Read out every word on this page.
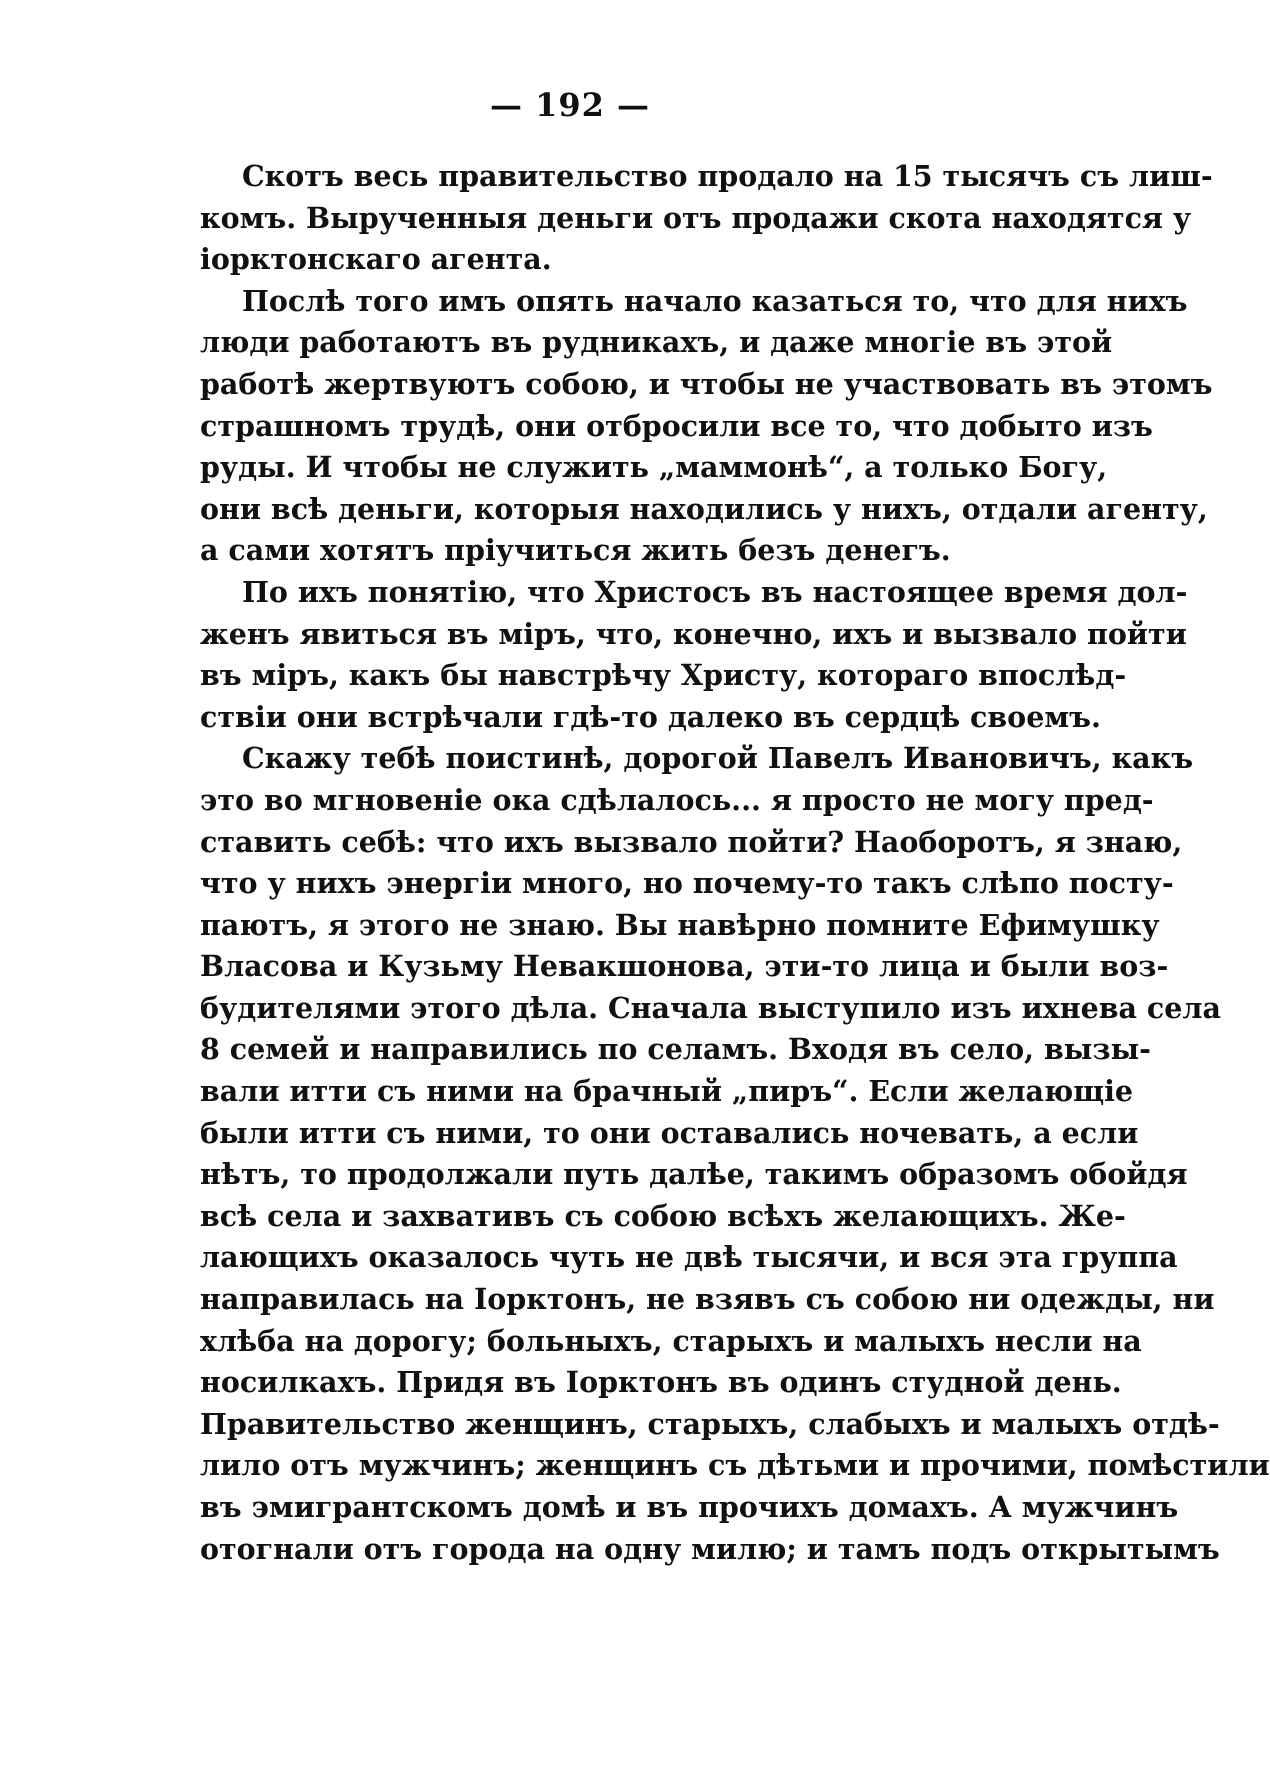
— 192 —
Скотъ весь правительство продало на 15 тысячъ съ лиш-
комъ. Вырученныя деньги отъ продажи скота находятся у
іорктонскаго агента.
Послѣ того имъ опять начало казаться то, что для нихъ
люди работаютъ въ рудникахъ, и даже многіе въ этой
работѣ жертвуютъ собою, и чтобы не участвовать въ этомъ
страшномъ трудѣ, они отбросили все то, что добыто изъ
руды. И чтобы не служить „маммонѣ“, а только Богу,
они всѣ деньги, которыя находились у нихъ, отдали агенту,
а сами хотятъ пріучиться жить безъ денегъ.
По ихъ понятію, что Христосъ въ настоящее время дол-
женъ явиться въ міръ, что, конечно, ихъ и вызвало пойти
въ міръ, какъ бы навстрѣчу Христу, котораго впослѣд-
ствіи они встрѣчали гдѣ-то далеко въ сердцѣ своемъ.
Скажу тебѣ поистинѣ, дорогой Павелъ Ивановичъ, какъ
это во мгновеніе ока сдѣлалось... я просто не могу пред-
ставить себѣ: что ихъ вызвало пойти? Наоборотъ, я знаю,
что у нихъ энергіи много, но почему-то такъ слѣпо посту-
паютъ, я этого не знаю. Вы навѣрно помните Ефимушку
Власова и Кузьму Невакшонова, эти-то лица и были воз-
будителями этого дѣла. Сначала выступило изъ ихнева села
8 семей и направились по селамъ. Входя въ село, вызы-
вали итти съ ними на брачный „пиръ“. Если желающіе
были итти съ ними, то они оставались ночевать, а если
нѣтъ, то продолжали путь далѣе, такимъ образомъ обойдя
всѣ села и захвативъ съ собою всѣхъ желающихъ. Же-
лающихъ оказалось чуть не двѣ тысячи, и вся эта группа
направилась на Іорктонъ, не взявъ съ собою ни одежды, ни
хлѣба на дорогу; больныхъ, старыхъ и малыхъ несли на
носилкахъ. Придя въ Іорктонъ въ одинъ студной день.
Правительство женщинъ, старыхъ, слабыхъ и малыхъ отдѣ-
лило отъ мужчинъ; женщинъ съ дѣтьми и прочими, помѣстили
въ эмигрантскомъ домѣ и въ прочихъ домахъ. А мужчинъ
отогнали отъ города на одну милю; и тамъ подъ открытымъ
